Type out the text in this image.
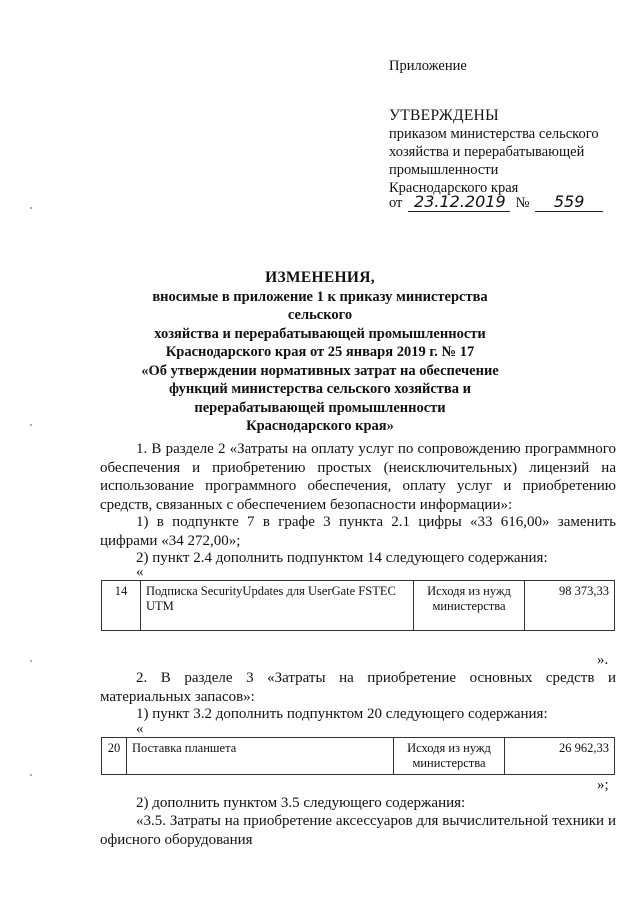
Приложение
УТВЕРЖДЕНЫ
приказом министерства сельского
хозяйства и перерабатывающей
промышленности
Краснодарского края
от 23.12.2019 № 559
ИЗМЕНЕНИЯ,
вносимые в приложение 1 к приказу министерства сельского
хозяйства и перерабатывающей промышленности
Краснодарского края от 25 января 2019 г. № 17
«Об утверждении нормативных затрат на обеспечение
функций министерства сельского хозяйства и
перерабатывающей промышленности
Краснодарского края»
1. В разделе 2 «Затраты на оплату услуг по сопровождению программного обеспечения и приобретению простых (неисключительных) лицензий на использование программного обеспечения, оплату услуг и приобретению средств, связанных с обеспечением безопасности информации»:
1) в подпункте 7 в графе 3 пункта 2.1 цифры «33 616,00» заменить цифрами «34 272,00»;
2) пункт 2.4 дополнить подпунктом 14 следующего содержания:
«
14	Подписка SecurityUpdates для UserGate FSTEC UTM	Исходя из нужд министерства	98 373,33
».
2. В разделе 3 «Затраты на приобретение основных средств и материальных запасов»:
1) пункт 3.2 дополнить подпунктом 20 следующего содержания:
«
20	Поставка планшета	Исходя из нужд министерства	26 962,33
»;
2) дополнить пунктом 3.5 следующего содержания:
«3.5. Затраты на приобретение аксессуаров для вычислительной техники и офисного оборудования
